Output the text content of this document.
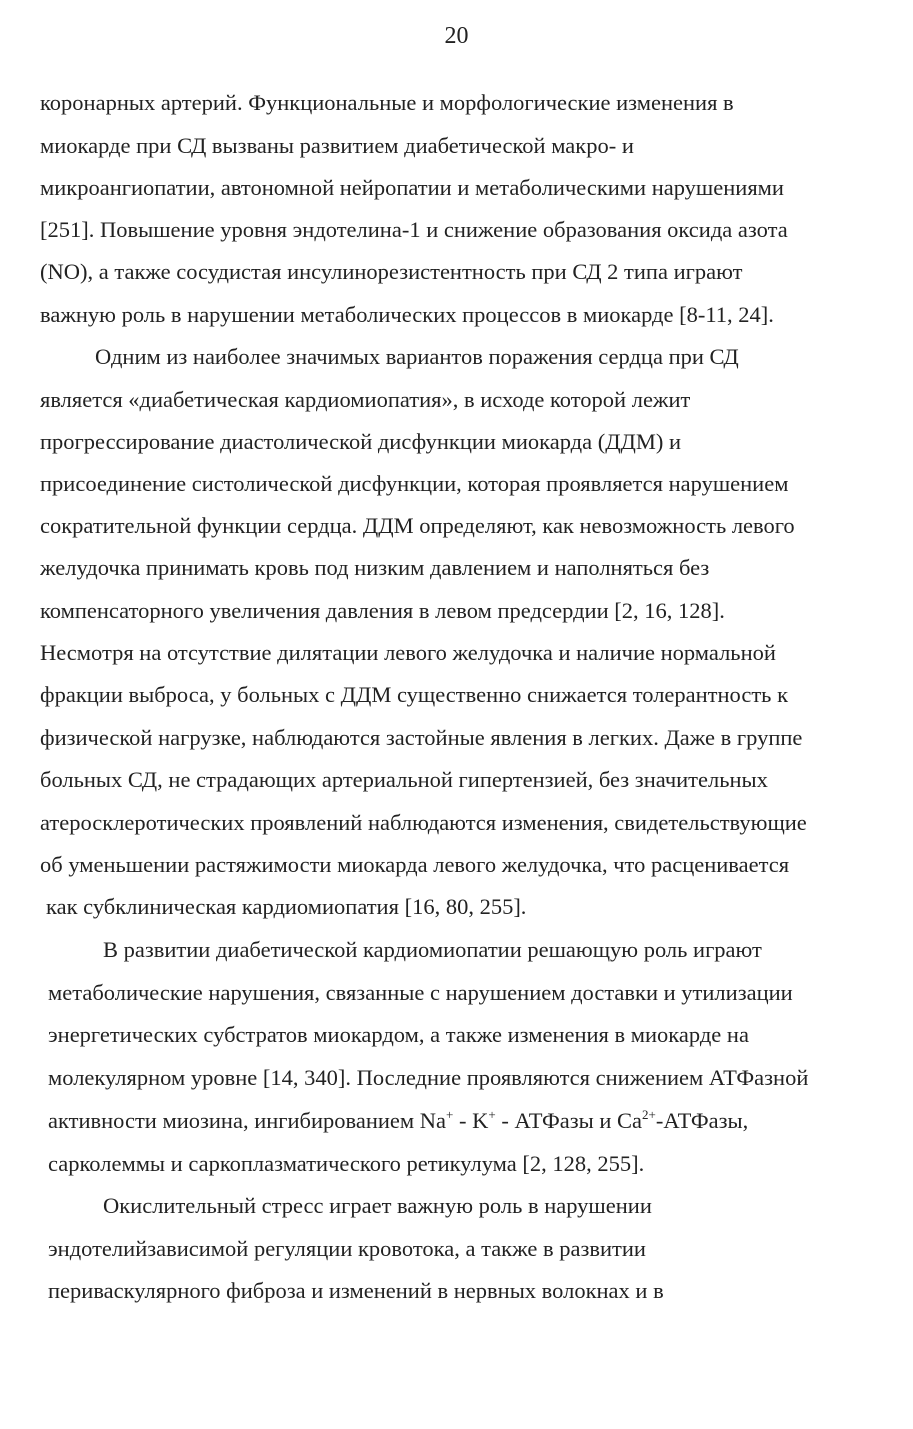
20
коронарных артерий. Функциональные и морфологические изменения в
миокарде при СД вызваны развитием диабетической макро- и
микроангиопатии, автономной нейропатии и метаболическими нарушениями
[251]. Повышение уровня эндотелина-1 и снижение образования оксида азота
(NO), а также сосудистая инсулинорезистентность при СД 2 типа играют
важную роль в нарушении метаболических процессов в миокарде [8-11, 24].
Одним из наиболее значимых вариантов поражения сердца при СД
является «диабетическая кардиомиопатия», в исходе которой лежит
прогрессирование диастолической дисфункции миокарда (ДДМ) и
присоединение систолической дисфункции, которая проявляется нарушением
сократительной функции сердца. ДДМ определяют, как невозможность левого
желудочка принимать кровь под низким давлением и наполняться без
компенсаторного увеличения давления в левом предсердии [2, 16, 128].
Несмотря на отсутствие дилятации левого желудочка и наличие нормальной
фракции выброса, у больных с ДДМ существенно снижается толерантность к
физической нагрузке, наблюдаются застойные явления в легких. Даже в группе
больных СД, не страдающих артериальной гипертензией, без значительных
атеросклеротических проявлений наблюдаются изменения, свидетельствующие
об уменьшении растяжимости миокарда левого желудочка, что расценивается
как субклиническая кардиомиопатия [16, 80, 255].
В развитии диабетической кардиомиопатии решающую роль играют
метаболические нарушения, связанные с нарушением доставки и утилизации
энергетических субстратов миокардом, а также изменения в миокарде на
молекулярном уровне [14, 340]. Последние проявляются снижением АТФазной
активности миозина, ингибированием Na+ - K+ - АТФазы и $Ca^{2+}$-АТФазы,
сарколеммы и саркоплазматического ретикулума [2, 128, 255].
Окислительный стресс играет важную роль в нарушении
эндотелийзависимой регуляции кровотока, а также в развитии
периваскулярного фиброза и изменений в нервных волокнах и в
